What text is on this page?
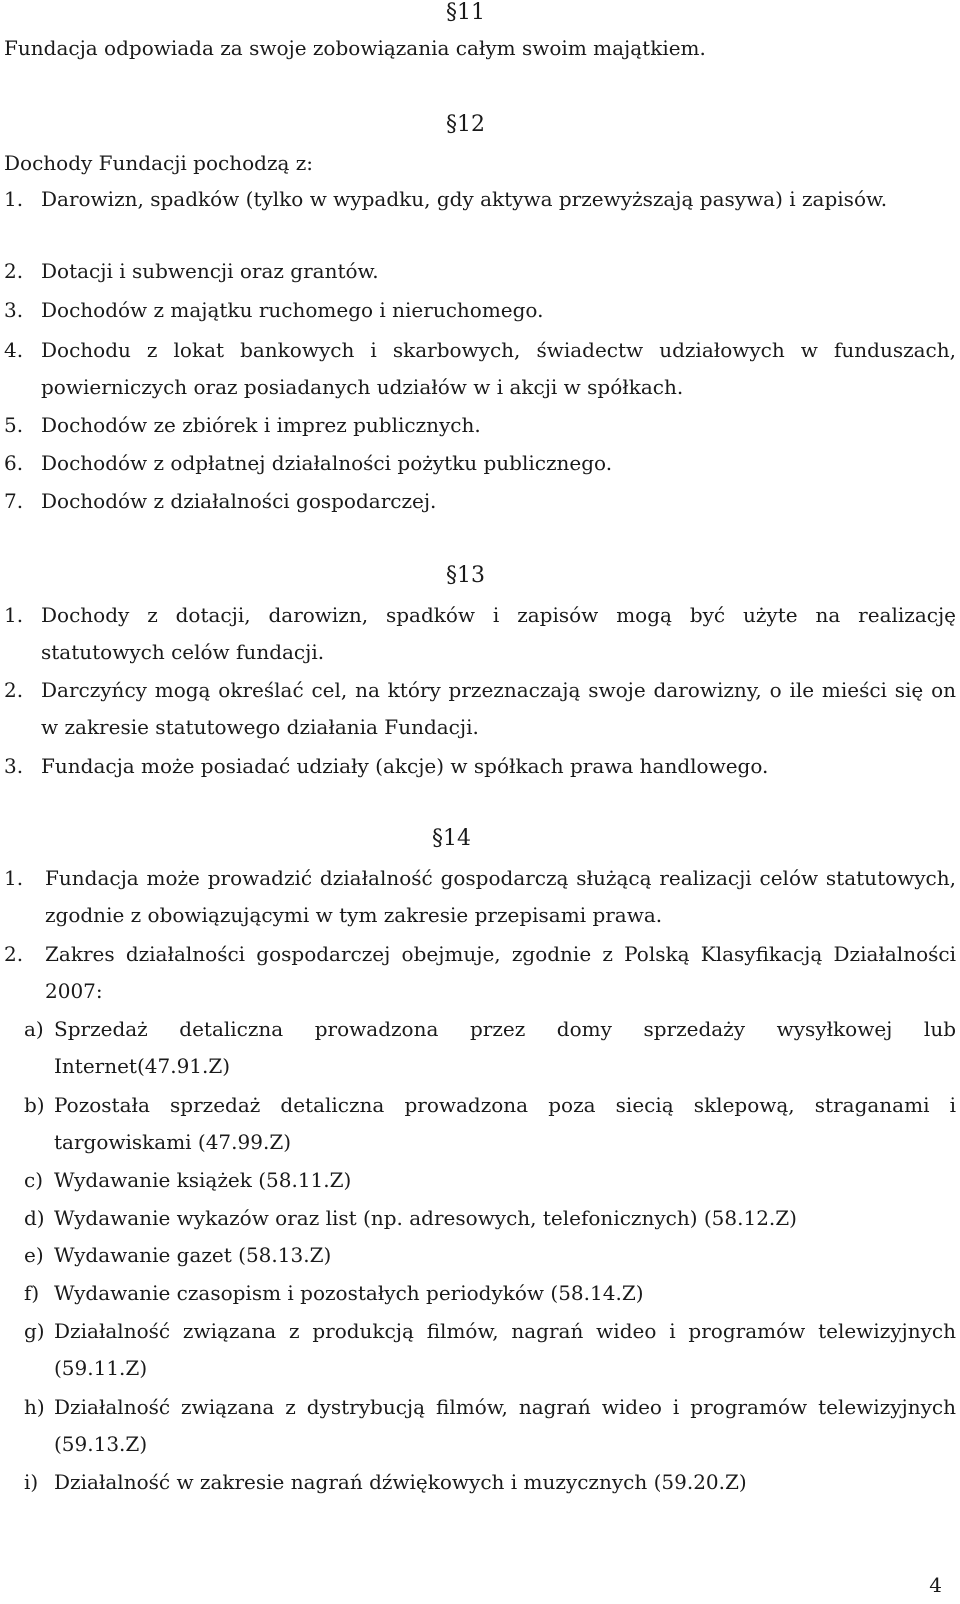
§11
Fundacja odpowiada za swoje zobowiązania całym swoim majątkiem.
§12
Dochody Fundacji pochodzą z:
1. Darowizn, spadków (tylko w wypadku, gdy aktywa przewyższają pasywa) i zapisów.
2. Dotacji i subwencji oraz grantów.
3. Dochodów z majątku ruchomego i nieruchomego.
4. Dochodu z lokat bankowych i skarbowych, świadectw udziałowych w funduszach, powierniczych oraz posiadanych udziałów w i akcji w spółkach.
5. Dochodów ze zbiórek i imprez publicznych.
6. Dochodów z odpłatnej działalności pożytku publicznego.
7. Dochodów z działalności gospodarczej.
§13
1. Dochody z dotacji, darowizn, spadków i zapisów mogą być użyte na realizację statutowych celów fundacji.
2. Darczyńcy mogą określać cel, na który przeznaczają swoje darowizny, o ile mieści się on w zakresie statutowego działania Fundacji.
3. Fundacja może posiadać udziały (akcje) w spółkach prawa handlowego.
§14
1. Fundacja może prowadzić działalność gospodarczą służącą realizacji celów statutowych, zgodnie z obowiązującymi w tym zakresie przepisami prawa.
2. Zakres działalności gospodarczej obejmuje, zgodnie z Polską Klasyfikacją Działalności 2007:
a) Sprzedaż detaliczna prowadzona przez domy sprzedaży wysyłkowej lub Internet(47.91.Z)
b) Pozostała sprzedaż detaliczna prowadzona poza siecią sklepową, straganami i targowiskami (47.99.Z)
c) Wydawanie książek (58.11.Z)
d) Wydawanie wykazów oraz list (np. adresowych, telefonicznych) (58.12.Z)
e) Wydawanie gazet (58.13.Z)
f) Wydawanie czasopism i pozostałych periodyków (58.14.Z)
g) Działalność związana z produkcją filmów, nagrań wideo i programów telewizyjnych (59.11.Z)
h) Działalność związana z dystrybucją filmów, nagrań wideo i programów telewizyjnych (59.13.Z)
i) Działalność w zakresie nagrań dźwiękowych i muzycznych (59.20.Z)
4
